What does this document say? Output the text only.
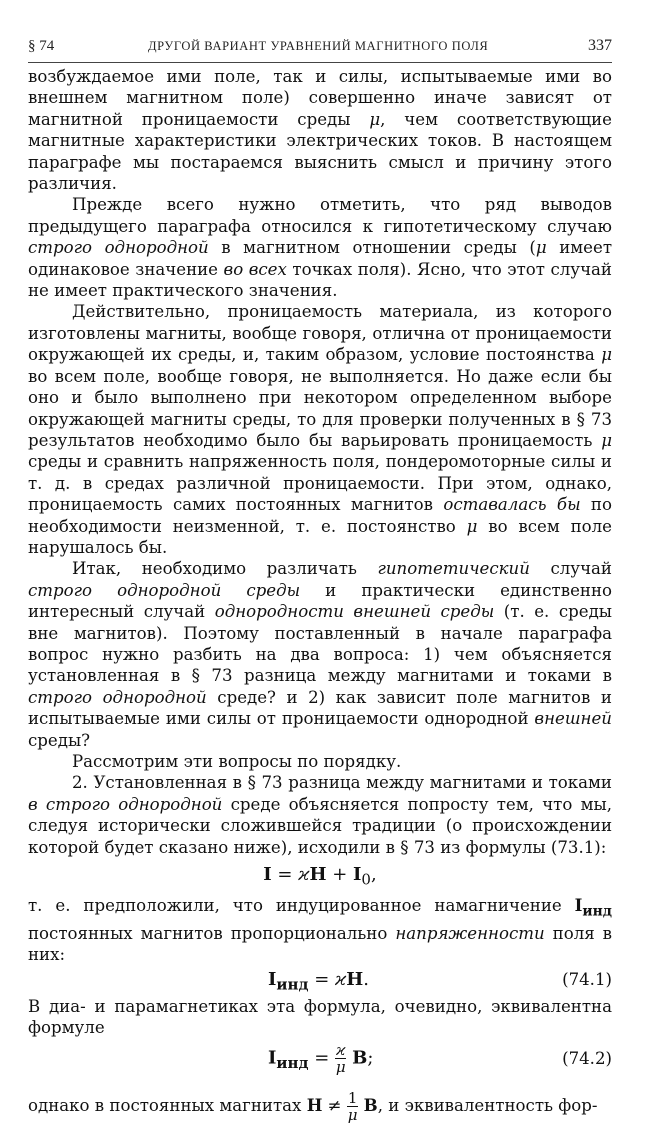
§ 74	ДРУГОЙ ВАРИАНТ УРАВНЕНИЙ МАГНИТНОГО ПОЛЯ	337

возбуждаемое ими поле, так и силы, испытываемые ими во внешнем магнитном поле) совершенно иначе зависят от магнитной проницаемости среды μ, чем соответствующие магнитные характеристики электрических токов. В настоящем параграфе мы постараемся выяснить смысл и причину этого различия.

Прежде всего нужно отметить, что ряд выводов предыдущего параграфа относился к гипотетическому случаю строго однородной в магнитном отношении среды (μ имеет одинаковое значение во всех точках поля). Ясно, что этот случай не имеет практического значения.

Действительно, проницаемость материала, из которого изготовлены магниты, вообще говоря, отлична от проницаемости окружающей их среды, и, таким образом, условие постоянства μ во всем поле, вообще говоря, не выполняется. Но даже если бы оно и было выполнено при некотором определенном выборе окружающей магниты среды, то для проверки полученных в § 73 результатов необходимо было бы варьировать проницаемость μ среды и сравнить напряженность поля, пондеромоторные силы и т. д. в средах различной проницаемости. При этом, однако, проницаемость самих постоянных магнитов оставалась бы по необходимости неизменной, т. е. постоянство μ во всем поле нарушалось бы.

Итак, необходимо различать гипотетический случай строго однородной среды и практически единственно интересный случай однородности внешней среды (т. е. среды вне магнитов). Поэтому поставленный в начале параграфа вопрос нужно разбить на два вопроса: 1) чем объясняется установленная в § 73 разница между магнитами и токами в строго однородной среде? и 2) как зависит поле магнитов и испытываемые ими силы от проницаемости однородной внешней среды?

Рассмотрим эти вопросы по порядку.

2. Установленная в § 73 разница между магнитами и токами в строго однородной среде объясняется попросту тем, что мы, следуя исторически сложившейся традиции (о происхождении которой будет сказано ниже), исходили в § 73 из формулы (73.1):

$I = ϰH + I_0$,

т. е. предположили, что индуцированное намагничение $I_{инд}$ постоянных магнитов пропорционально напряженности поля в них:

$I_{инд} = ϰH$.	(74.1)

В диа- и парамагнетиках эта формула, очевидно, эквивалентна формуле

$I_{инд} = \frac{ϰ}{\mu} B$;	(74.2)
однако в постоянных магнитах $H \ne \frac{1}{\mu} B$, и эквивалентность фор-
